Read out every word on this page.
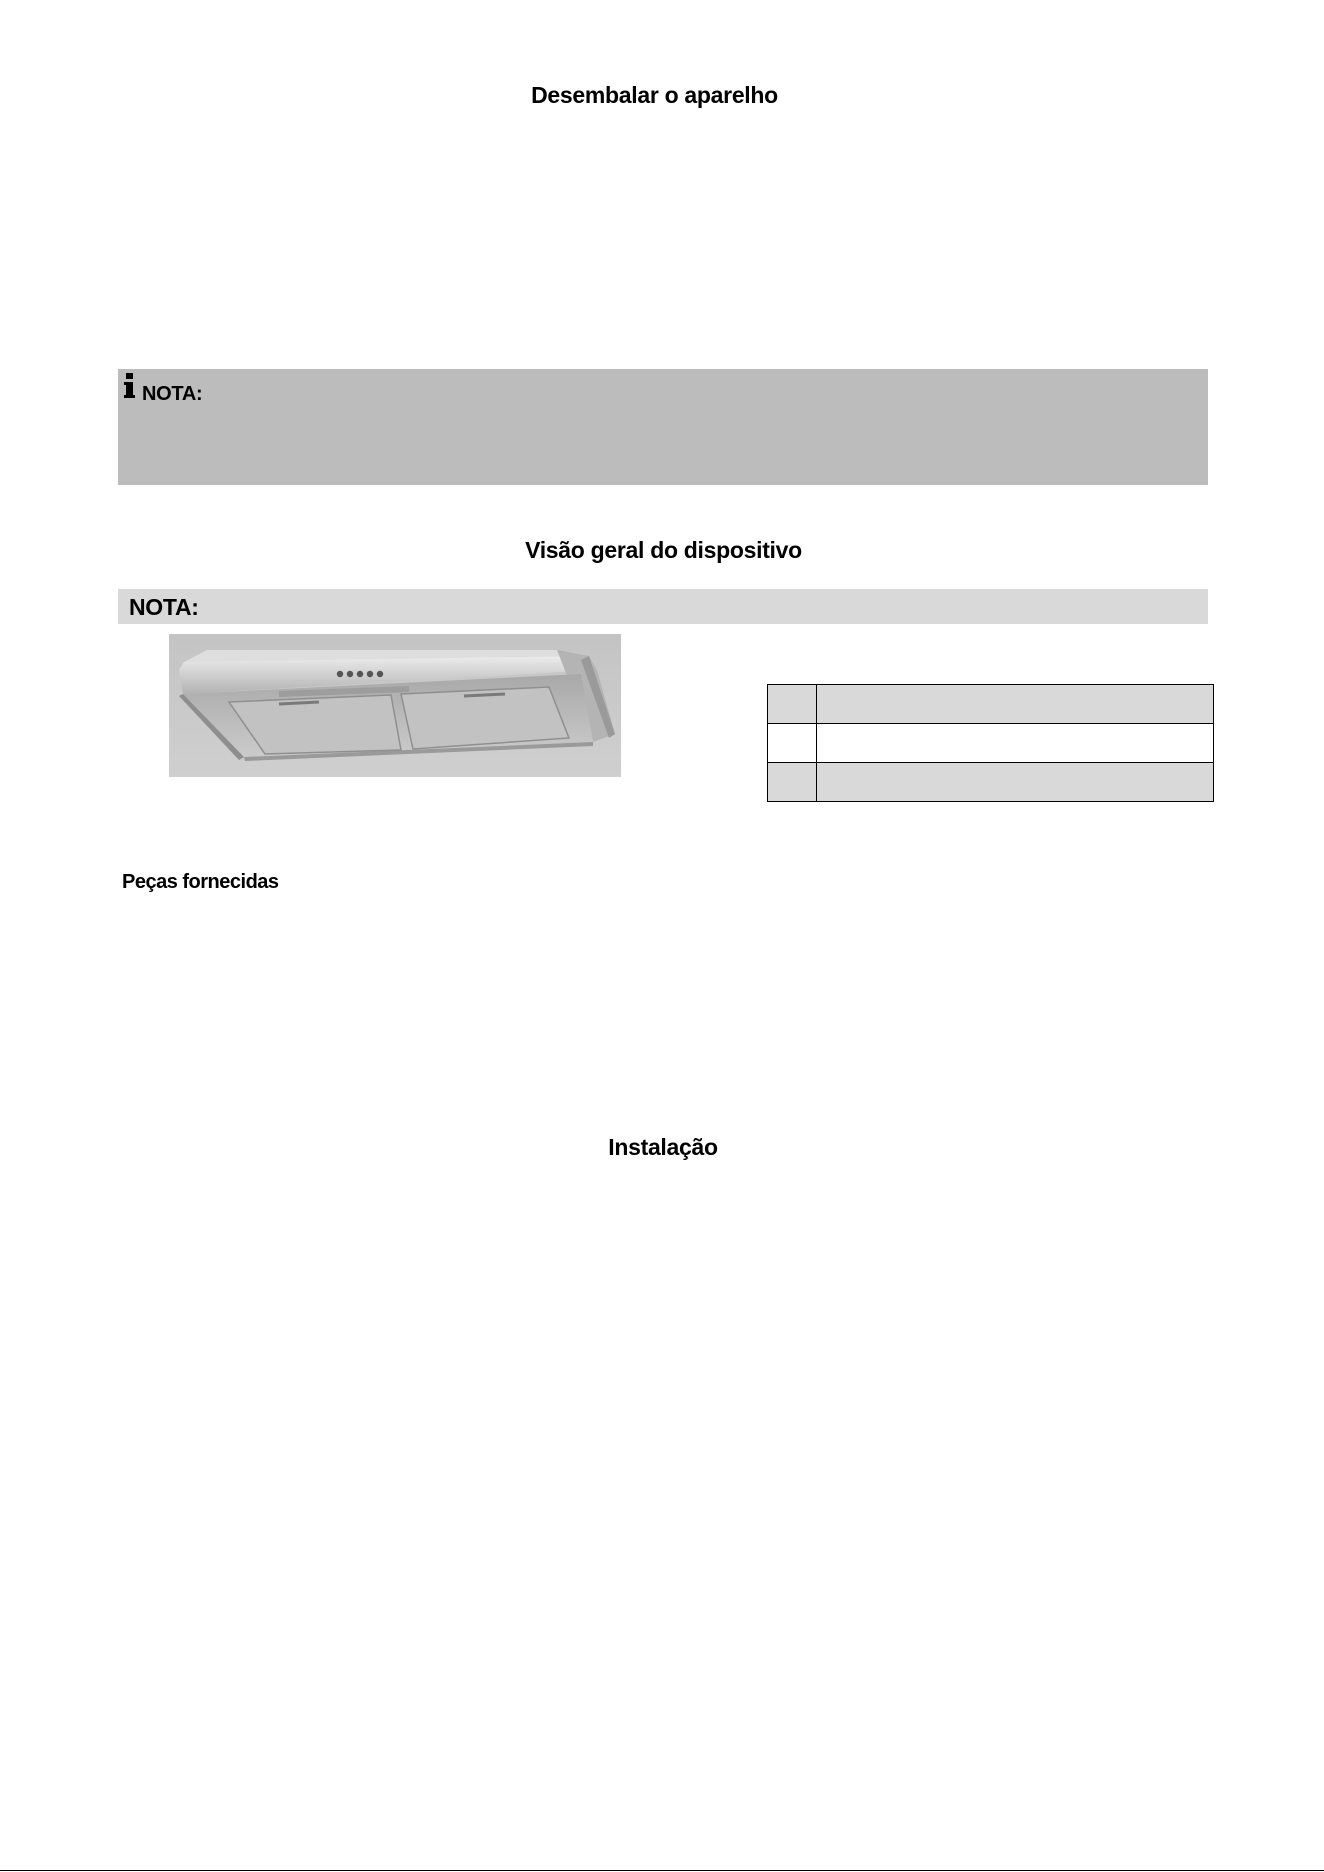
Desembalar o aparelho
NOTA:
Visão geral do dispositivo
NOTA:

Peças fornecidas
Instalação
